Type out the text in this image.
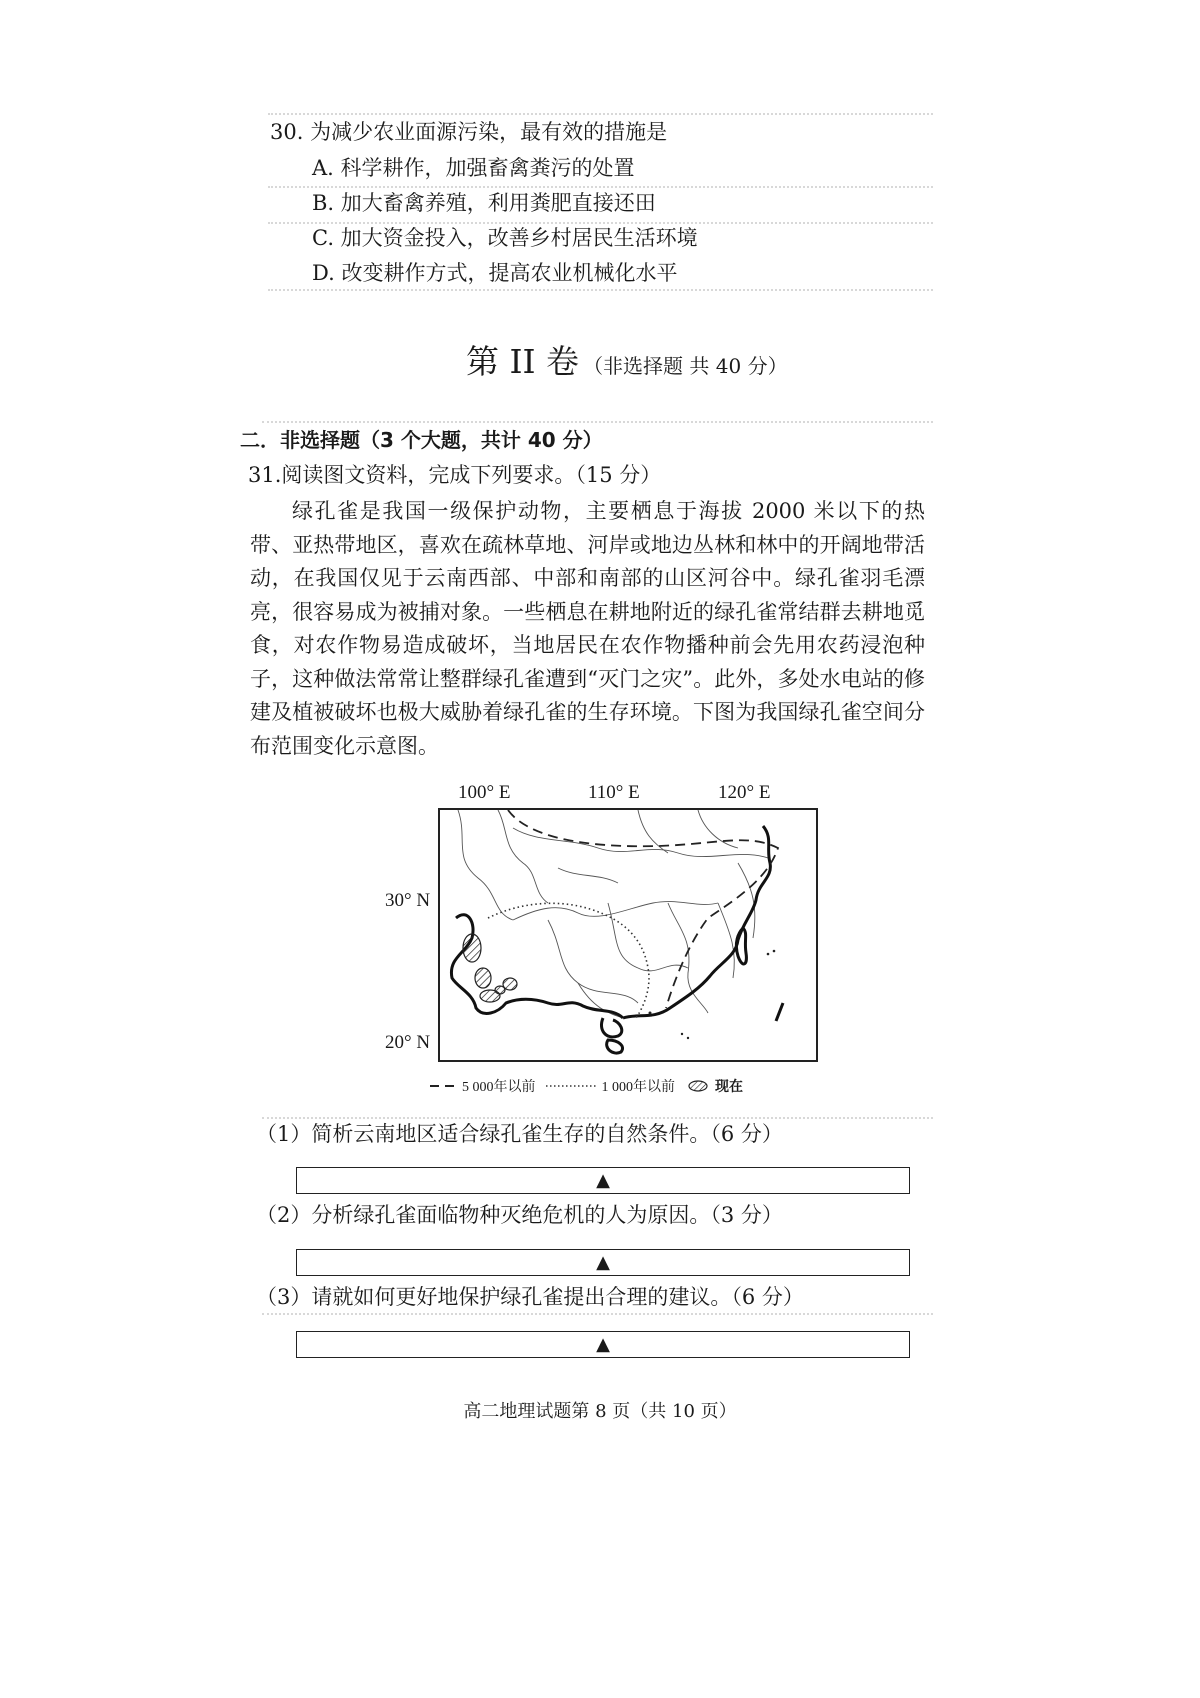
30. 为减少农业面源污染，最有效的措施是
A. 科学耕作，加强畜禽粪污的处置
B. 加大畜禽养殖，利用粪肥直接还田
C. 加大资金投入，改善乡村居民生活环境
D. 改变耕作方式，提高农业机械化水平
第 II 卷 （非选择题 共 40 分）
二．非选择题（3 个大题，共计 40 分）
31.阅读图文资料，完成下列要求。（15 分）

绿孔雀是我国一级保护动物，主要栖息于海拔 2000 米以下的热带、亚热带地区，喜欢在疏林草地、河岸或地边丛林和林中的开阔地带活动，在我国仅见于云南西部、中部和南部的山区河谷中。绿孔雀羽毛漂亮，很容易成为被捕对象。一些栖息在耕地附近的绿孔雀常结群去耕地觅食，对农作物易造成破坏，当地居民在农作物播种前会先用农药浸泡种子，这种做法常常让整群绿孔雀遭到“灭门之灾”。此外，多处水电站的修建及植被破坏也极大威胁着绿孔雀的生存环境。下图为我国绿孔雀空间分布范围变化示意图。

100° E	110° E	120° E
30° N
20° N
5 000年以前	1 000年以前	现在
（1）简析云南地区适合绿孔雀生存的自然条件。（6 分）
▲
（2）分析绿孔雀面临物种灭绝危机的人为原因。（3 分）
▲
（3）请就如何更好地保护绿孔雀提出合理的建议。（6 分）
▲
高二地理试题第 8 页（共 10 页）
